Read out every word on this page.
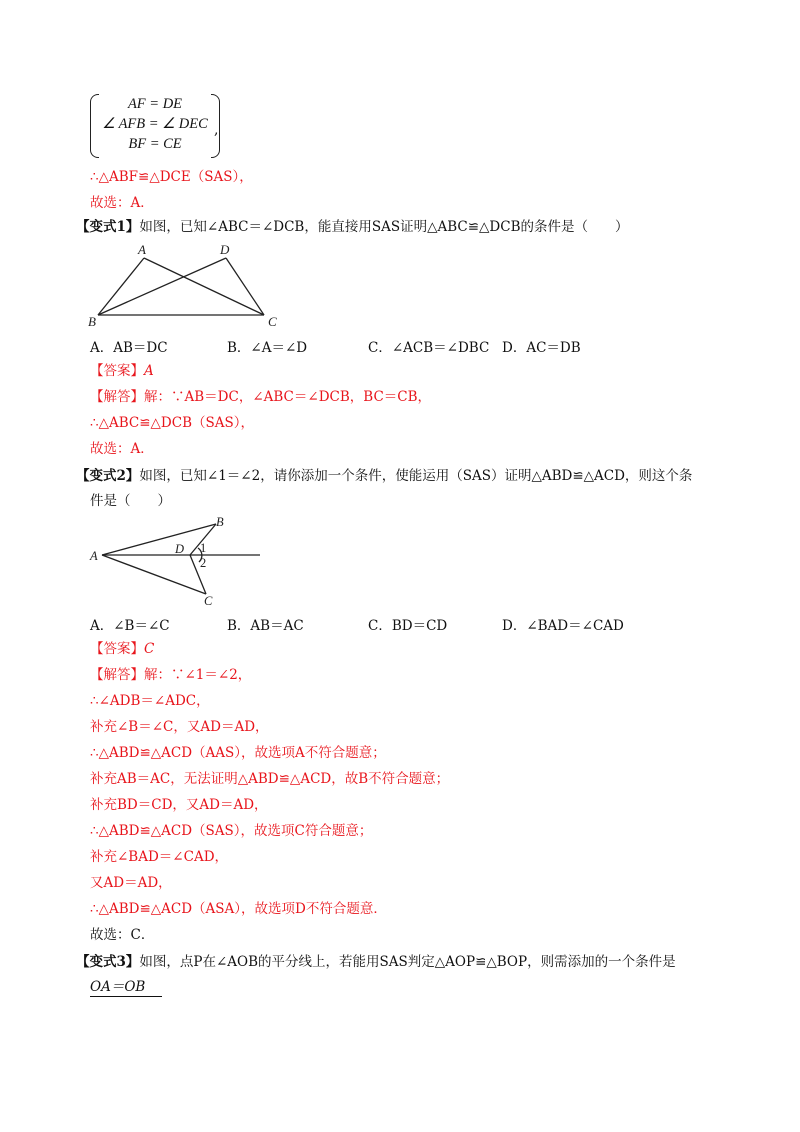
AF = DE
∠ AFB = ∠ DEC
BF = CE
,
∴△ABF≌△DCE（SAS），
故选：A．
【变式1】如图，已知∠ABC＝∠DCB，能直接用SAS证明△ABC≌△DCB的条件是（　　）
A	D
B	C
A．AB＝DC	B．∠A＝∠D	C．∠ACB＝∠DBC D．AC＝DB
【答案】A
【解答】解：∵AB＝DC，∠ABC＝∠DCB，BC＝CB，
∴△ABC≌△DCB（SAS），
故选：A．
【变式2】如图，已知∠1＝∠2，请你添加一个条件，使能运用（SAS）证明△ABD≌△ACD，则这个条
件是（　　）
B
A	D 1
2
C
A．∠B＝∠C	B．AB＝AC	C．BD＝CD	D．∠BAD＝∠CAD
【答案】C
【解答】解：∵∠1＝∠2，
∴∠ADB＝∠ADC，
补充∠B＝∠C，又AD＝AD，
∴△ABD≌△ACD（AAS），故选项A不符合题意；
补充AB＝AC，无法证明△ABD≌△ACD，故B不符合题意；
补充BD＝CD，又AD＝AD，
∴△ABD≌△ACD（SAS），故选项C符合题意；
补充∠BAD＝∠CAD，
又AD＝AD，
∴△ABD≌△ACD（ASA），故选项D不符合题意．
故选：C．
【变式3】如图，点P在∠AOB的平分线上，若能用SAS判定△AOP≌△BOP，则需添加的一个条件是
OA＝OB
